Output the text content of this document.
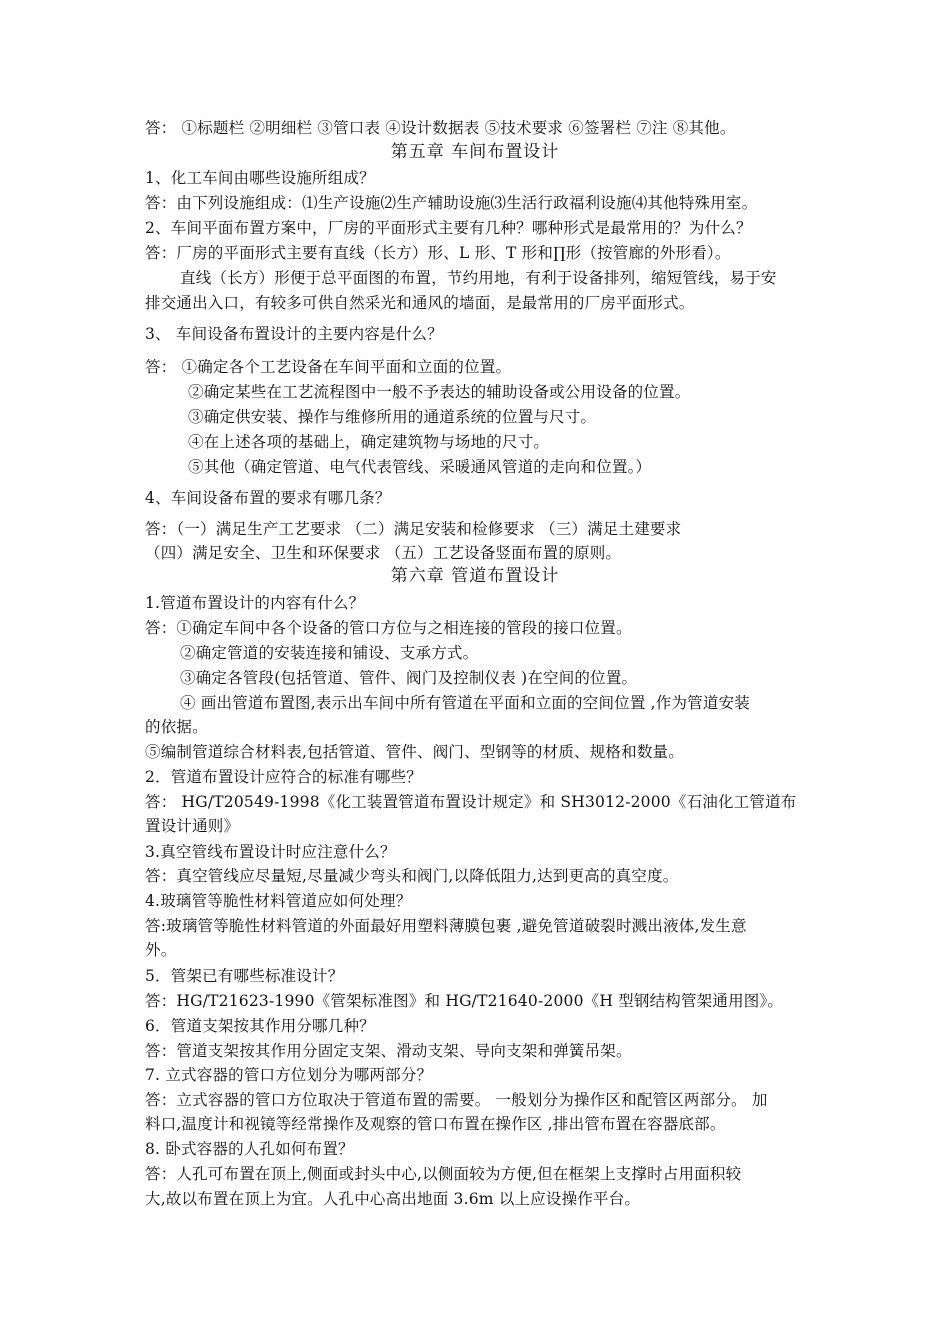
答： ①标题栏 ②明细栏 ③管口表 ④设计数据表 ⑤技术要求 ⑥签署栏 ⑦注 ⑧其他。
第五章 车间布置设计
1、化工车间由哪些设施所组成？
答：由下列设施组成：⑴生产设施⑵生产辅助设施⑶生活行政福利设施⑷其他特殊用室。
2、车间平面布置方案中，厂房的平面形式主要有几种？哪种形式是最常用的？为什么？
答：厂房的平面形式主要有直线（长方）形、L 形、T 形和∏形（按管廊的外形看）。
直线（长方）形便于总平面图的布置，节约用地，有利于设备排列，缩短管线，易于安
排交通出入口，有较多可供自然采光和通风的墙面，是最常用的厂房平面形式。
3、 车间设备布置设计的主要内容是什么？
答： ①确定各个工艺设备在车间平面和立面的位置。
②确定某些在工艺流程图中一般不予表达的辅助设备或公用设备的位置。
③确定供安装、操作与维修所用的通道系统的位置与尺寸。
④在上述各项的基础上，确定建筑物与场地的尺寸。
⑤其他（确定管道、电气代表管线、采暖通风管道的走向和位置。）
4、车间设备布置的要求有哪几条？
答：（一）满足生产工艺要求 （二）满足安装和检修要求 （三）满足土建要求
（四）满足安全、卫生和环保要求 （五）工艺设备竖面布置的原则。
第六章 管道布置设计
1.管道布置设计的内容有什么？
答：①确定车间中各个设备的管口方位与之相连接的管段的接口位置。
②确定管道的安装连接和铺设、支承方式。
③确定各管段(包括管道、管件、阀门及控制仪表 )在空间的位置。
④ 画出管道布置图,表示出车间中所有管道在平面和立面的空间位置 ,作为管道安装
的依据。
⑤编制管道综合材料表,包括管道、管件、阀门、型钢等的材质、规格和数量。
2．管道布置设计应符合的标准有哪些？
答： HG/T20549-1998《化工装置管道布置设计规定》和 SH3012-2000《石油化工管道布
置设计通则》
3.真空管线布置设计时应注意什么？
答：真空管线应尽量短,尽量减少弯头和阀门,以降低阻力,达到更高的真空度。
4.玻璃管等脆性材料管道应如何处理？
答:玻璃管等脆性材料管道的外面最好用塑料薄膜包裹 ,避免管道破裂时溅出液体,发生意
外。
5．管架已有哪些标准设计？
答：HG/T21623-1990《管架标准图》和 HG/T21640-2000《H 型钢结构管架通用图》。
6．管道支架按其作用分哪几种？
答：管道支架按其作用分固定支架、滑动支架、导向支架和弹簧吊架。
7. 立式容器的管口方位划分为哪两部分？
答：立式容器的管口方位取决于管道布置的需要。 一般划分为操作区和配管区两部分。 加
料口,温度计和视镜等经常操作及观察的管口布置在操作区 ,排出管布置在容器底部。
8. 卧式容器的人孔如何布置？
答：人孔可布置在顶上,侧面或封头中心,以侧面较为方便,但在框架上支撑时占用面积较
大,故以布置在顶上为宜。人孔中心高出地面 3.6m 以上应设操作平台。
